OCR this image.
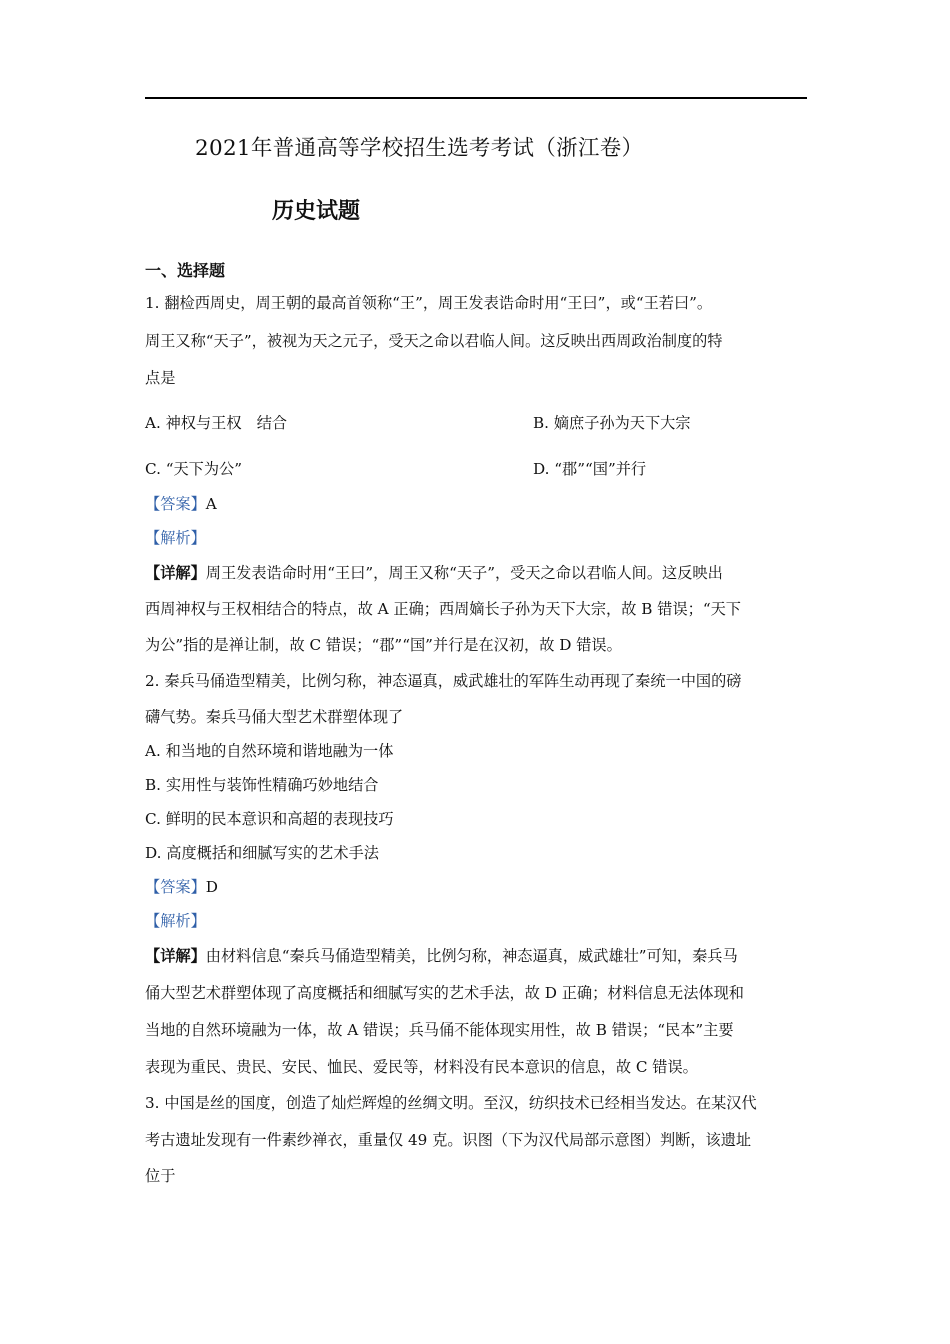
2021年普通高等学校招生选考考试（浙江卷）
历史试题
一、选择题
1. 翻检西周史，周王朝的最高首领称“王”，周王发表诰命时用“王曰”，或“王若曰”。
周王又称“天子”，被视为天之元子，受天之命以君临人间。这反映出西周政治制度的特
点是
A. 神权与王权　结合	B. 嫡庶子孙为天下大宗
C. “天下为公”	D. “郡”“国”并行
【答案】A
【解析】
【详解】周王发表诰命时用“王曰”，周王又称“天子”，受天之命以君临人间。这反映出
西周神权与王权相结合的特点，故 A 正确；西周嫡长子孙为天下大宗，故 B 错误；“天下
为公”指的是禅让制，故 C 错误；“郡”“国”并行是在汉初，故 D 错误。
2. 秦兵马俑造型精美，比例匀称，神态逼真，威武雄壮的军阵生动再现了秦统一中国的磅
礴气势。秦兵马俑大型艺术群塑体现了
A. 和当地的自然环境和谐地融为一体
B. 实用性与装饰性精确巧妙地结合
C. 鲜明的民本意识和高超的表现技巧
D. 高度概括和细腻写实的艺术手法
【答案】D
【解析】
【详解】由材料信息“秦兵马俑造型精美，比例匀称，神态逼真，威武雄壮”可知，秦兵马
俑大型艺术群塑体现了高度概括和细腻写实的艺术手法，故 D 正确；材料信息无法体现和
当地的自然环境融为一体，故 A 错误；兵马俑不能体现实用性，故 B 错误；“民本”主要
表现为重民、贵民、安民、恤民、爱民等，材料没有民本意识的信息，故 C 错误。
3. 中国是丝的国度，创造了灿烂辉煌的丝绸文明。至汉，纺织技术已经相当发达。在某汉代
考古遗址发现有一件素纱禅衣，重量仅 49 克。识图（下为汉代局部示意图）判断，该遗址
位于
